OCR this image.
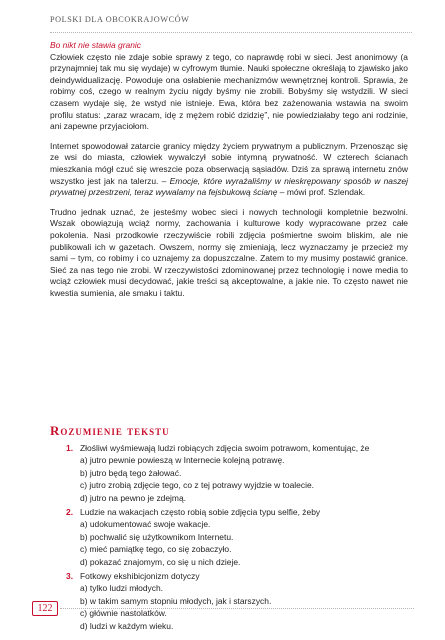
POLSKI DLA OBCOKRAJOWCÓW
Bo nikt nie stawia granic

Człowiek często nie zdaje sobie sprawy z tego, co naprawdę robi w sieci. Jest anonimowy (a przynajmniej tak mu się wydaje) w cyfrowym tłumie. Nauki społeczne określają to zjawisko jako deindywidualizację. Powoduje ona osłabienie mechanizmów wewnętrznej kontroli. Sprawia, że robimy coś, czego w realnym życiu nigdy byśmy nie zrobili. Bobyśmy się wstydzili. W sieci czasem wydaje się, że wstyd nie istnieje. Ewa, która bez zażenowania wstawia na swoim profilu status: „zaraz wracam, idę z mężem robić dzidzię”, nie powiedziałaby tego ani rodzinie, ani zapewne przyjaciołom.

Internet spowodował zatarcie granicy między życiem prywatnym a publicznym. Przenosząc się ze wsi do miasta, człowiek wywalczył sobie intymną prywatność. W czterech ścianach mieszkania mógł czuć się wreszcie poza obserwacją sąsiadów. Dziś za sprawą internetu znów wszystko jest jak na talerzu. – Emocje, które wyrażaliśmy w nieskrępowany sposób w naszej prywatnej przestrzeni, teraz wywalamy na fejsbukową ścianę – mówi prof. Szlendak.

Trudno jednak uznać, że jesteśmy wobec sieci i nowych technologii kompletnie bezwolni. Wszak obowiązują wciąż normy, zachowania i kulturowe kody wypracowane przez całe pokolenia. Nasi przodkowie rzeczywiście robili zdjęcia pośmiertne swoim bliskim, ale nie publikowali ich w gazetach. Owszem, normy się zmieniają, lecz wyznaczamy je przecież my sami – tym, co robimy i co uznajemy za dopuszczalne. Zatem to my musimy postawić granice. Sieć za nas tego nie zrobi. W rzeczywistości zdominowanej przez technologię i nowe media to wciąż człowiek musi decydować, jakie treści są akceptowalne, a jakie nie. To często nawet nie kwestia sumienia, ale smaku i taktu.

Rozumienie tekstu
1. Złośliwi wyśmiewają ludzi robiących zdjęcia swoim potrawom, komentując, że
a) jutro pewnie powieszą w Internecie kolejną potrawę.
b) jutro będą tego żałować.
c) jutro zrobią zdjęcie tego, co z tej potrawy wyjdzie w toalecie.
d) jutro na pewno je zdejmą.
2. Ludzie na wakacjach często robią sobie zdjęcia typu selfie, żeby
a) udokumentować swoje wakacje.
b) pochwalić się użytkownikom Internetu.
c) mieć pamiątkę tego, co się zobaczyło.
d) pokazać znajomym, co się u nich dzieje.
3. Fotkowy ekshibicjonizm dotyczy
a) tylko ludzi młodych.
b) w takim samym stopniu młodych, jak i starszych.
c) głównie nastolatków.
d) ludzi w każdym wieku.
122
